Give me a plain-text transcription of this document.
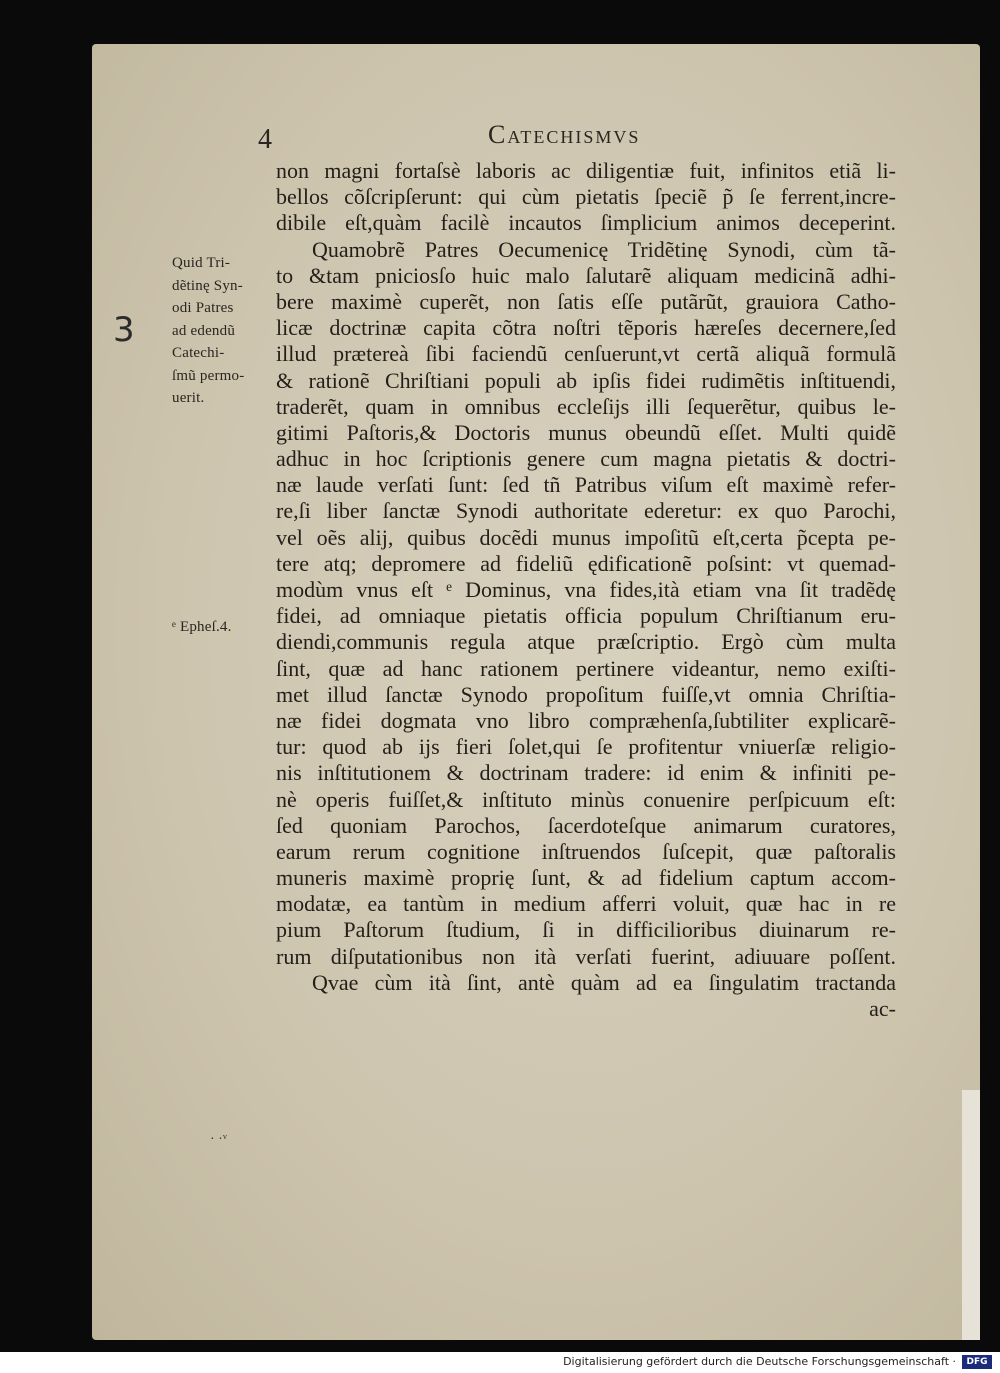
4	Catechismvs
3
Quid Tri-
dẽtinę Syn-
odi Patres
ad edendũ
Catechi-
ſmũ permo-
uerit.
ᵉ Epheſ.4.
non magni fortaſsè laboris ac diligentiæ fuit, infinitos etiã li-
bellos cõſcripſerunt: qui cùm pietatis ſpeciẽ p̃ ſe ferrent,incre-
dibile eſt,quàm facilè incautos ſimplicium animos deceperint.
Quamobrẽ Patres Oecumenicę Tridẽtinę Synodi, cùm tã-
to &tam pniciosſo huic malo ſalutarẽ aliquam medicinã adhi-
bere maximè cuperẽt, non ſatis eſſe putãrũt, grauiora Catho-
licæ doctrinæ capita cõtra noſtri tẽporis hæreſes decernere,ſed
illud prætereà ſibi faciendũ cenſuerunt,vt certã aliquã formulã
& rationẽ Chriſtiani populi ab ipſis fidei rudimẽtis inſtituendi,
traderẽt, quam in omnibus eccleſijs illi ſequerẽtur, quibus le-
gitimi Paſtoris,& Doctoris munus obeundũ eſſet. Multi quidẽ
adhuc in hoc ſcriptionis genere cum magna pietatis & doctri-
næ laude verſati ſunt: ſed tñ Patribus viſum eſt maximè refer-
re,ſi liber ſanctæ Synodi authoritate ederetur: ex quo Parochi,
vel oẽs alij, quibus docẽdi munus impoſitũ eſt,certa p̃cepta pe-
tere atq; depromere ad fideliũ ędificationẽ poſsint: vt quemad-
modùm vnus eſt ᵉ Dominus, vna fides,ità etiam vna ſit tradẽdę
fidei, ad omniaque pietatis officia populum Chriſtianum eru-
diendi,communis regula atque præſcriptio. Ergò cùm multa
ſint, quæ ad hanc rationem pertinere videantur, nemo exiſti-
met illud ſanctæ Synodo propoſitum fuiſſe,vt omnia Chriſtia-
næ fidei dogmata vno libro compræhenſa,ſubtiliter explicarẽ-
tur: quod ab ijs fieri ſolet,qui ſe profitentur vniuerſæ religio-
nis inſtitutionem & doctrinam tradere: id enim & infiniti pe-
nè operis fuiſſet,& inſtituto minùs conuenire perſpicuum eſt:
ſed quoniam Parochos, ſacerdoteſque animarum curatores,
earum rerum cognitione inſtruendos ſuſcepit, quæ paſtoralis
muneris maximè proprię ſunt, & ad fidelium captum accom-
modatæ, ea tantùm in medium afferri voluit, quæ hac in re
pium Paſtorum ſtudium, ſi in difficilioribus diuinarum re-
rum diſputationibus non ità verſati fuerint, adiuuare poſſent.
Qvae cùm ità ſint, antè quàm ad ea ſingulatim tractanda
ac-
· ·ᵛ
Digitalisierung gefördert durch die Deutsche Forschungsgemeinschaft ·	DFG
